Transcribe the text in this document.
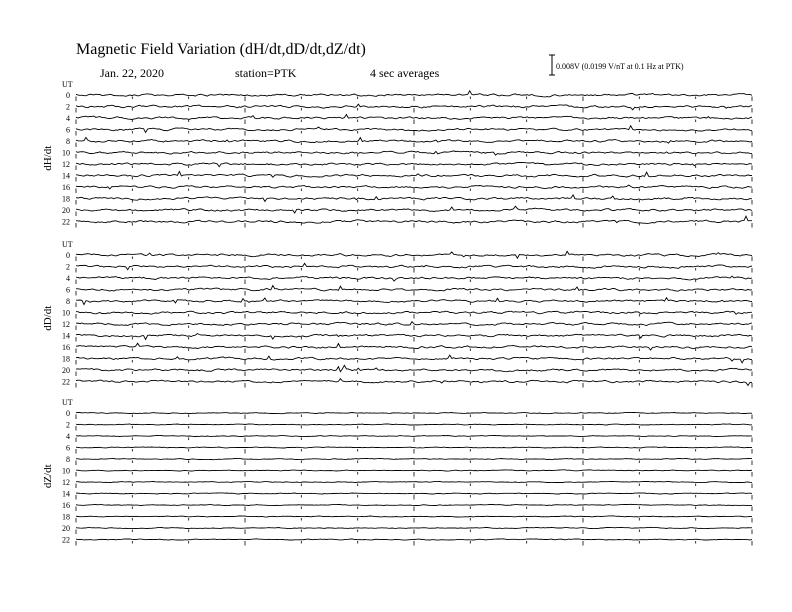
Magnetic Field Variation (dH/dt,dD/dt,dZ/dt)
Jan. 22, 2020	station=PTK	4 sec averages	0.008V (0.0199 V/nT at 0.1 Hz at PTK)
UT
dH/dt
0
2
4
6
8
10
12
14
16
18
20
22
UT
dD/dt
0
2
4
6
8
10
12
14
16
18
20
22
UT
dZ/dt
0
2
4
6
8
10
12
14
16
18
20
22
